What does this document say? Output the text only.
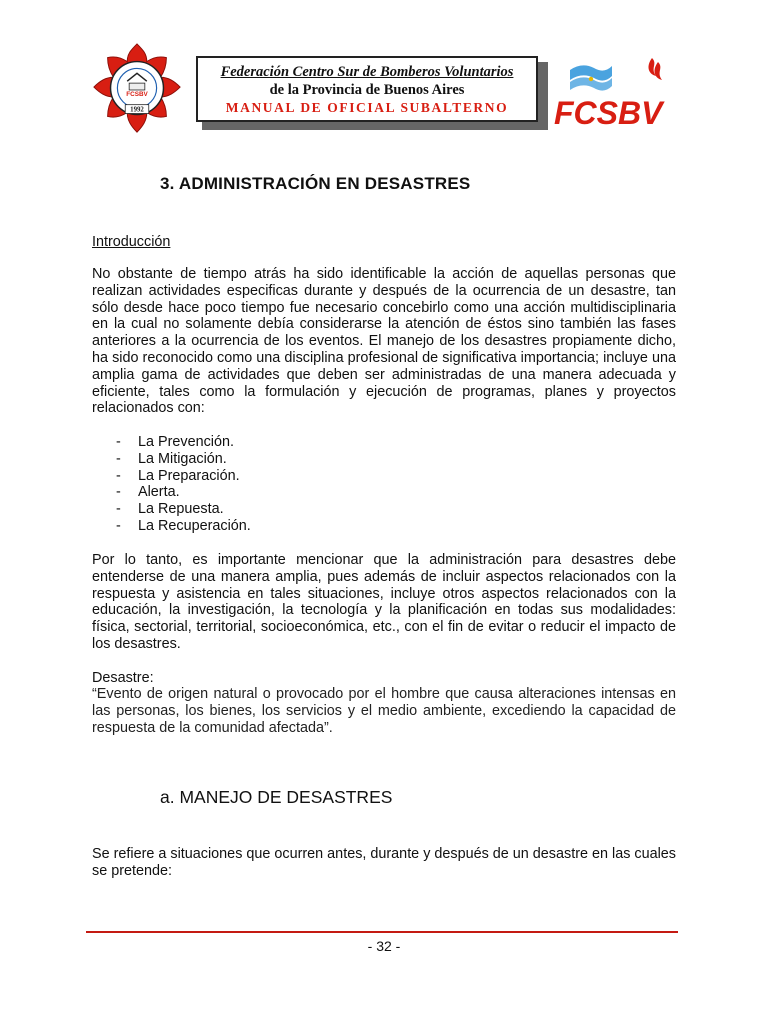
FCSBV
1992
Federación Centro Sur de Bomberos Voluntarios
de la Provincia de Buenos Aires
MANUAL DE OFICIAL SUBALTERNO	FCSBV
3. ADMINISTRACIÓN EN DESASTRES
Introducción

No obstante de tiempo atrás ha sido identificable la acción de aquellas personas que realizan actividades especificas durante y después de la ocurrencia de un desastre, tan sólo desde hace poco tiempo fue necesario concebirlo como una acción multidisciplinaria en la cual no solamente debía considerarse la atención de éstos sino también las fases anteriores a la ocurrencia de los eventos. El manejo de los desastres propiamente dicho, ha sido reconocido como una disciplina profesional de significativa importancia; incluye una amplia gama de actividades que deben ser administradas de una manera adecuada y eficiente, tales como la formulación y ejecución de programas, planes y proyectos relacionados con:

- La Prevención.
- La Mitigación.
- La Preparación.
- Alerta.
- La Repuesta.
- La Recuperación.

Por lo tanto, es importante mencionar que la administración para desastres debe entenderse de una manera amplia, pues además de incluir aspectos relacionados con la respuesta y asistencia en tales situaciones, incluye otros aspectos relacionados con la educación, la investigación, la tecnología y la planificación en todas sus modalidades: física, sectorial, territorial, socioeconómica, etc., con el fin de evitar o reducir el impacto de los desastres.

Desastre:

“Evento de origen natural o provocado por el hombre que causa alteraciones intensas en las personas, los bienes, los servicios y el medio ambiente, excediendo la capacidad de respuesta de la comunidad afectada”.

a. MANEJO DE DESASTRES

Se refiere a situaciones que ocurren antes, durante y después de un desastre en las cuales se pretende:

- 32 -
